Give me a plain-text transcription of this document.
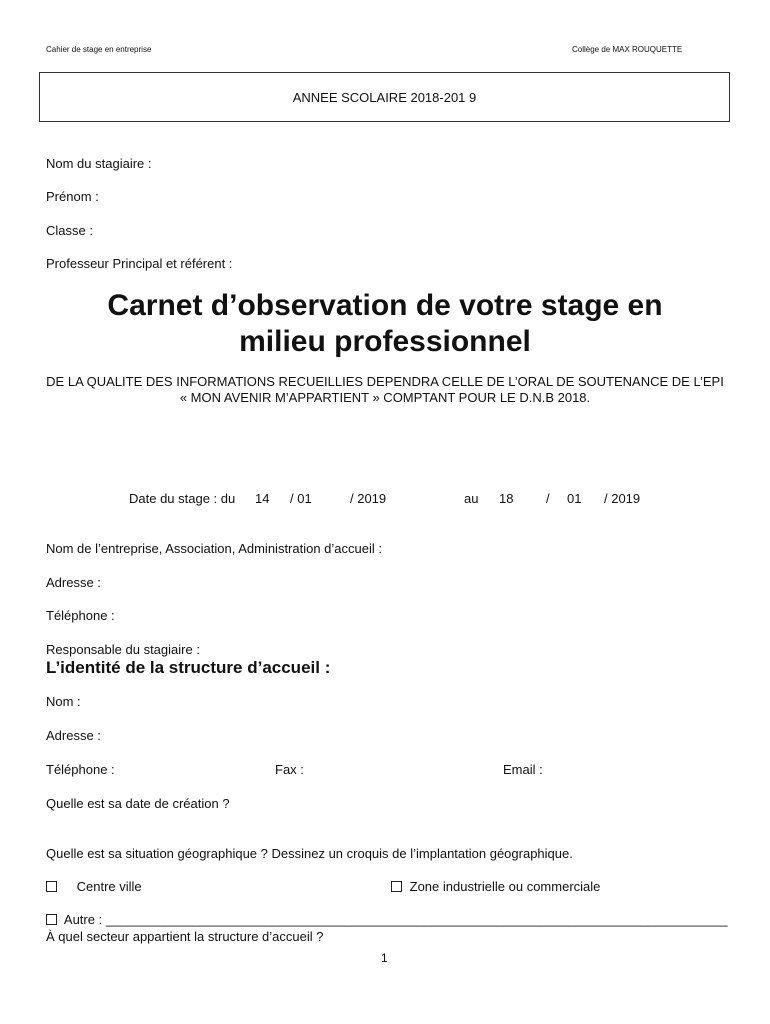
Cahier de stage en entreprise	Collège de MAX ROUQUETTE
ANNEE SCOLAIRE 2018-201 9
Nom du stagiaire :
Prénom :
Classe :
Professeur Principal et référent :
Carnet d’observation de votre stage en
milieu professionnel
DE LA QUALITE DES INFORMATIONS RECUEILLIES DEPENDRA CELLE DE L’ORAL DE SOUTENANCE DE L’EPI
« MON AVENIR M’APPARTIENT » COMPTANT POUR LE D.N.B 2018.
Date du stage : du 14 / 01	/ 2019	au 18	/ 01 / 2019
Nom de l’entreprise, Association, Administration d’accueil :
Adresse :
Téléphone :
Responsable du stagiaire :
L’identité de la structure d’accueil :
Nom :
Adresse :
Téléphone :	Fax :	Email :
Quelle est sa date de création ?
Quelle est sa situation géographique ? Dessinez un croquis de l’implantation géographique.
Centre ville	Zone industrielle ou commerciale
Autre : ______________________________________________________________________________________
À quel secteur appartient la structure d’accueil ?
1
